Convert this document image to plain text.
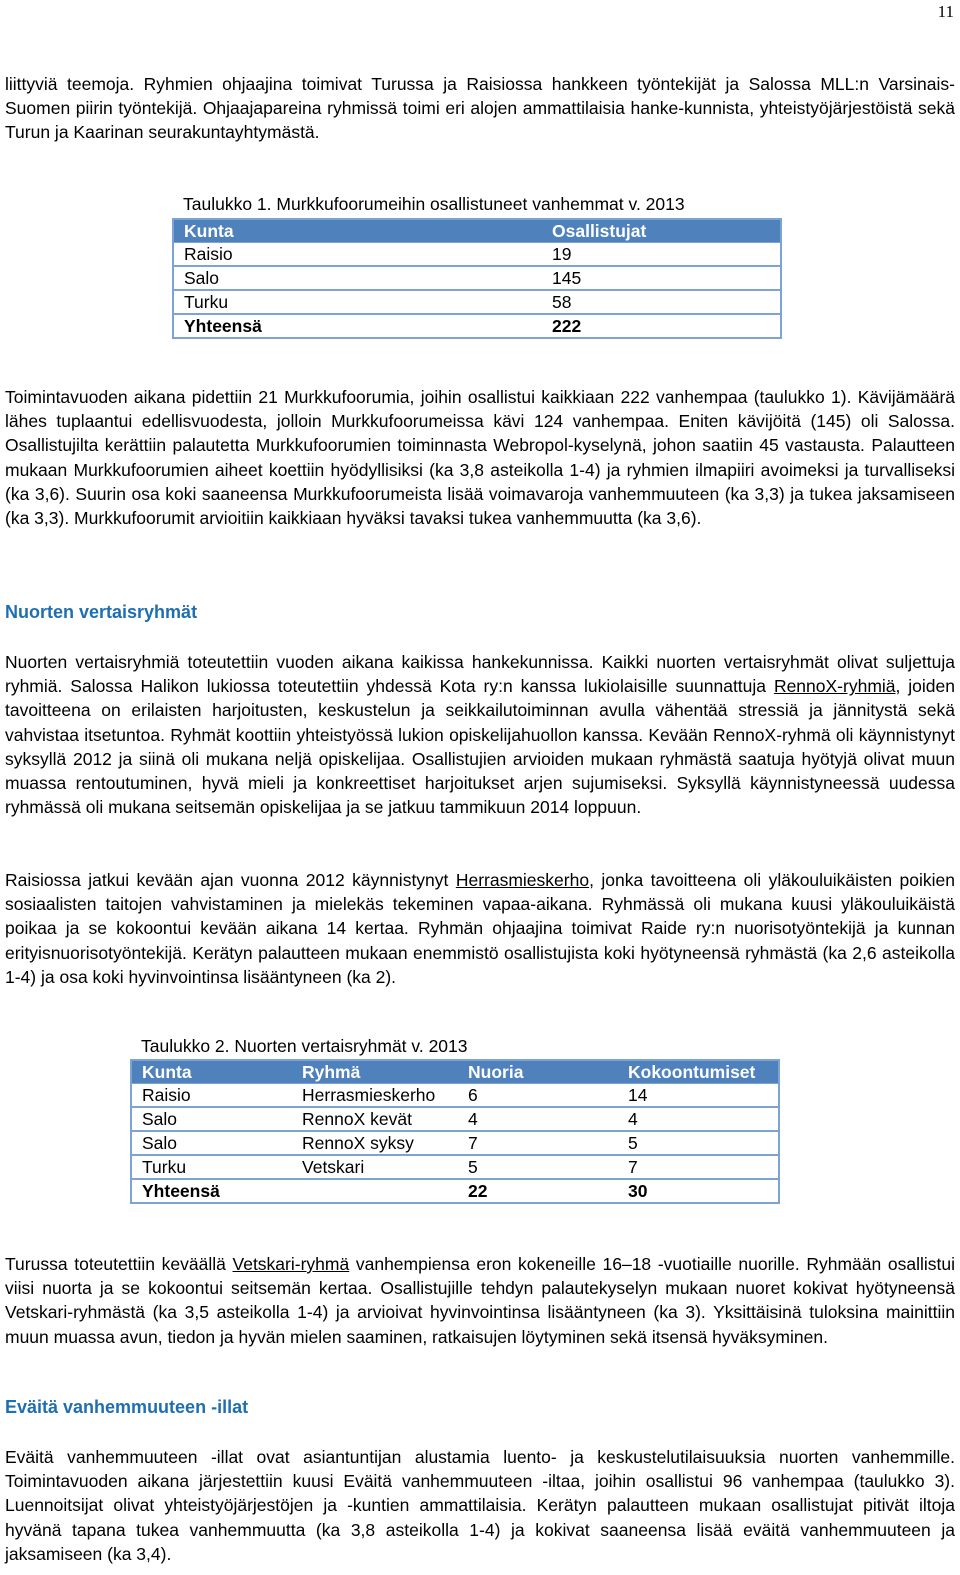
11

liittyviä teemoja. Ryhmien ohjaajina toimivat Turussa ja Raisiossa hankkeen työntekijät ja Salossa MLL:n Varsinais-Suomen piirin työntekijä. Ohjaajapareina ryhmissä toimi eri alojen ammattilaisia hanke-kunnista, yhteistyöjärjestöistä sekä Turun ja Kaarinan seurakuntayhtymästä.

Taulukko 1. Murkkufoorumeihin osallistuneet vanhemmat v. 2013

Kunta	Osallistujat
Raisio	19
Salo	145
Turku	58
Yhteensä	222

Toimintavuoden aikana pidettiin 21 Murkkufoorumia, joihin osallistui kaikkiaan 222 vanhempaa (taulukko 1). Kävijämäärä lähes tuplaantui edellisvuodesta, jolloin Murkkufoorumeissa kävi 124 vanhempaa. Eniten kävijöitä (145) oli Salossa. Osallistujilta kerättiin palautetta Murkkufoorumien toiminnasta Webropol-kyselynä, johon saatiin 45 vastausta. Palautteen mukaan Murkkufoorumien aiheet koettiin hyödyllisiksi (ka 3,8 asteikolla 1-4) ja ryhmien ilmapiiri avoimeksi ja turvalliseksi (ka 3,6). Suurin osa koki saaneensa Murkkufoorumeista lisää voimavaroja vanhemmuuteen (ka 3,3) ja tukea jaksamiseen (ka 3,3). Murkkufoorumit arvioitiin kaikkiaan hyväksi tavaksi tukea vanhemmuutta (ka 3,6).

Nuorten vertaisryhmät

Nuorten vertaisryhmiä toteutettiin vuoden aikana kaikissa hankekunnissa. Kaikki nuorten vertaisryhmät olivat suljettuja ryhmiä. Salossa Halikon lukiossa toteutettiin yhdessä Kota ry:n kanssa lukiolaisille suunnattuja RennoX-ryhmiä, joiden tavoitteena on erilaisten harjoitusten, keskustelun ja seikkailutoiminnan avulla vähentää stressiä ja jännitystä sekä vahvistaa itsetuntoa. Ryhmät koottiin yhteistyössä lukion opiskelijahuollon kanssa. Kevään RennoX-ryhmä oli käynnistynyt syksyllä 2012 ja siinä oli mukana neljä opiskelijaa. Osallistujien arvioiden mukaan ryhmästä saatuja hyötyjä olivat muun muassa rentoutuminen, hyvä mieli ja konkreettiset harjoitukset arjen sujumiseksi. Syksyllä käynnistyneessä uudessa ryhmässä oli mukana seitsemän opiskelijaa ja se jatkuu tammikuun 2014 loppuun.

Raisiossa jatkui kevään ajan vuonna 2012 käynnistynyt Herrasmieskerho, jonka tavoitteena oli yläkouluikäisten poikien sosiaalisten taitojen vahvistaminen ja mielekäs tekeminen vapaa-aikana. Ryhmässä oli mukana kuusi yläkouluikäistä poikaa ja se kokoontui kevään aikana 14 kertaa. Ryhmän ohjaajina toimivat Raide ry:n nuorisotyöntekijä ja kunnan erityisnuorisotyöntekijä. Kerätyn palautteen mukaan enemmistö osallistujista koki hyötyneensä ryhmästä (ka 2,6 asteikolla 1-4) ja osa koki hyvinvointinsa lisääntyneen (ka 2).

Taulukko 2. Nuorten vertaisryhmät v. 2013

Kunta	Ryhmä	Nuoria	Kokoontumiset
Raisio	Herrasmieskerho	6	14
Salo	RennoX kevät	4	4
Salo	RennoX syksy	7	5
Turku	Vetskari	5	7
Yhteensä		22	30

Turussa toteutettiin keväällä Vetskari-ryhmä vanhempiensa eron kokeneille 16–18 -vuotiaille nuorille. Ryhmään osallistui viisi nuorta ja se kokoontui seitsemän kertaa. Osallistujille tehdyn palautekyselyn mukaan nuoret kokivat hyötyneensä Vetskari-ryhmästä (ka 3,5 asteikolla 1-4) ja arvioivat hyvinvointinsa lisääntyneen (ka 3). Yksittäisinä tuloksina mainittiin muun muassa avun, tiedon ja hyvän mielen saaminen, ratkaisujen löytyminen sekä itsensä hyväksyminen.

Eväitä vanhemmuuteen -illat

Eväitä vanhemmuuteen -illat ovat asiantuntijan alustamia luento- ja keskustelutilaisuuksia nuorten vanhemmille. Toimintavuoden aikana järjestettiin kuusi Eväitä vanhemmuuteen -iltaa, joihin osallistui 96 vanhempaa (taulukko 3). Luennoitsijat olivat yhteistyöjärjestöjen ja -kuntien ammattilaisia. Kerätyn palautteen mukaan osallistujat pitivät iltoja hyvänä tapana tukea vanhemmuutta (ka 3,8 asteikolla 1-4) ja kokivat saaneensa lisää eväitä vanhemmuuteen ja jaksamiseen (ka 3,4).
